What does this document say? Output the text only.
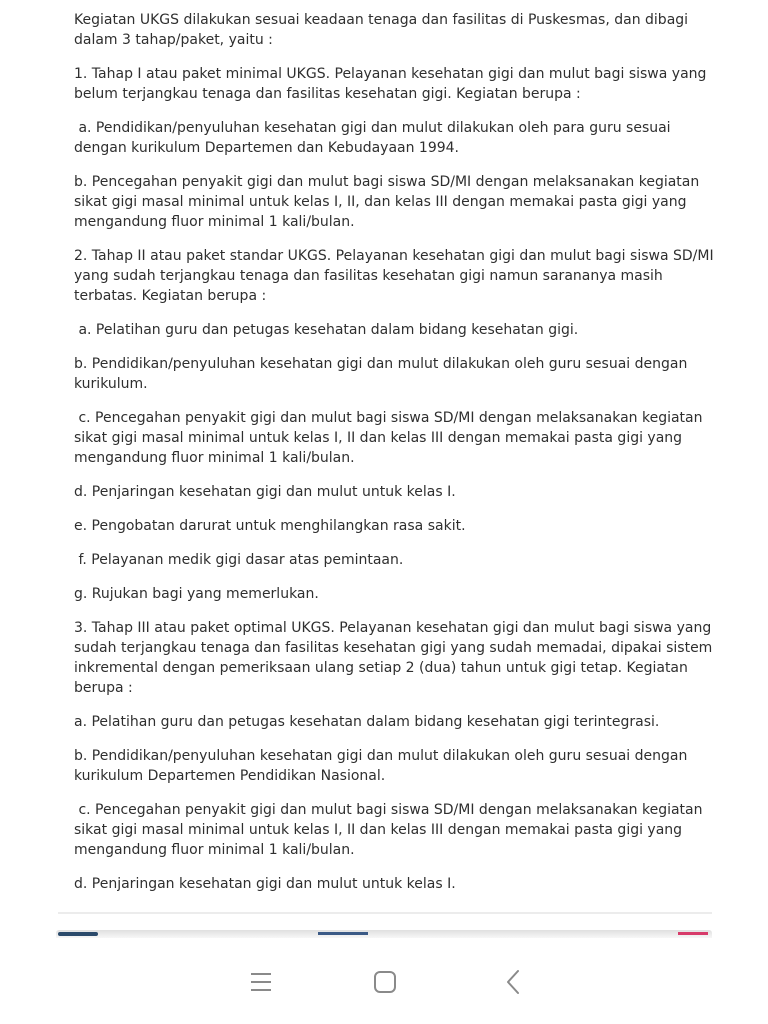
Kegiatan UKGS dilakukan sesuai keadaan tenaga dan fasilitas di Puskesmas, dan dibagi dalam 3 tahap/paket, yaitu :

1. Tahap I atau paket minimal UKGS. Pelayanan kesehatan gigi dan mulut bagi siswa yang belum terjangkau tenaga dan fasilitas kesehatan gigi. Kegiatan berupa :

a. Pendidikan/penyuluhan kesehatan gigi dan mulut dilakukan oleh para guru sesuai dengan kurikulum Departemen dan Kebudayaan 1994.

b. Pencegahan penyakit gigi dan mulut bagi siswa SD/MI dengan melaksanakan kegiatan sikat gigi masal minimal untuk kelas I, II, dan kelas III dengan memakai pasta gigi yang mengandung fluor minimal 1 kali/bulan.

2. Tahap II atau paket standar UKGS. Pelayanan kesehatan gigi dan mulut bagi siswa SD/MI yang sudah terjangkau tenaga dan fasilitas kesehatan gigi namun sarananya masih terbatas. Kegiatan berupa :

a. Pelatihan guru dan petugas kesehatan dalam bidang kesehatan gigi.

b. Pendidikan/penyuluhan kesehatan gigi dan mulut dilakukan oleh guru sesuai dengan kurikulum.

c. Pencegahan penyakit gigi dan mulut bagi siswa SD/MI dengan melaksanakan kegiatan sikat gigi masal minimal untuk kelas I, II dan kelas III dengan memakai pasta gigi yang mengandung fluor minimal 1 kali/bulan.

d. Penjaringan kesehatan gigi dan mulut untuk kelas I.

e. Pengobatan darurat untuk menghilangkan rasa sakit.

f. Pelayanan medik gigi dasar atas pemintaan.

g. Rujukan bagi yang memerlukan.

3. Tahap III atau paket optimal UKGS. Pelayanan kesehatan gigi dan mulut bagi siswa yang sudah terjangkau tenaga dan fasilitas kesehatan gigi yang sudah memadai, dipakai sistem inkremental dengan pemeriksaan ulang setiap 2 (dua) tahun untuk gigi tetap. Kegiatan berupa :

a. Pelatihan guru dan petugas kesehatan dalam bidang kesehatan gigi terintegrasi.

b. Pendidikan/penyuluhan kesehatan gigi dan mulut dilakukan oleh guru sesuai dengan kurikulum Departemen Pendidikan Nasional.

c. Pencegahan penyakit gigi dan mulut bagi siswa SD/MI dengan melaksanakan kegiatan sikat gigi masal minimal untuk kelas I, II dan kelas III dengan memakai pasta gigi yang mengandung fluor minimal 1 kali/bulan.

d. Penjaringan kesehatan gigi dan mulut untuk kelas I.
